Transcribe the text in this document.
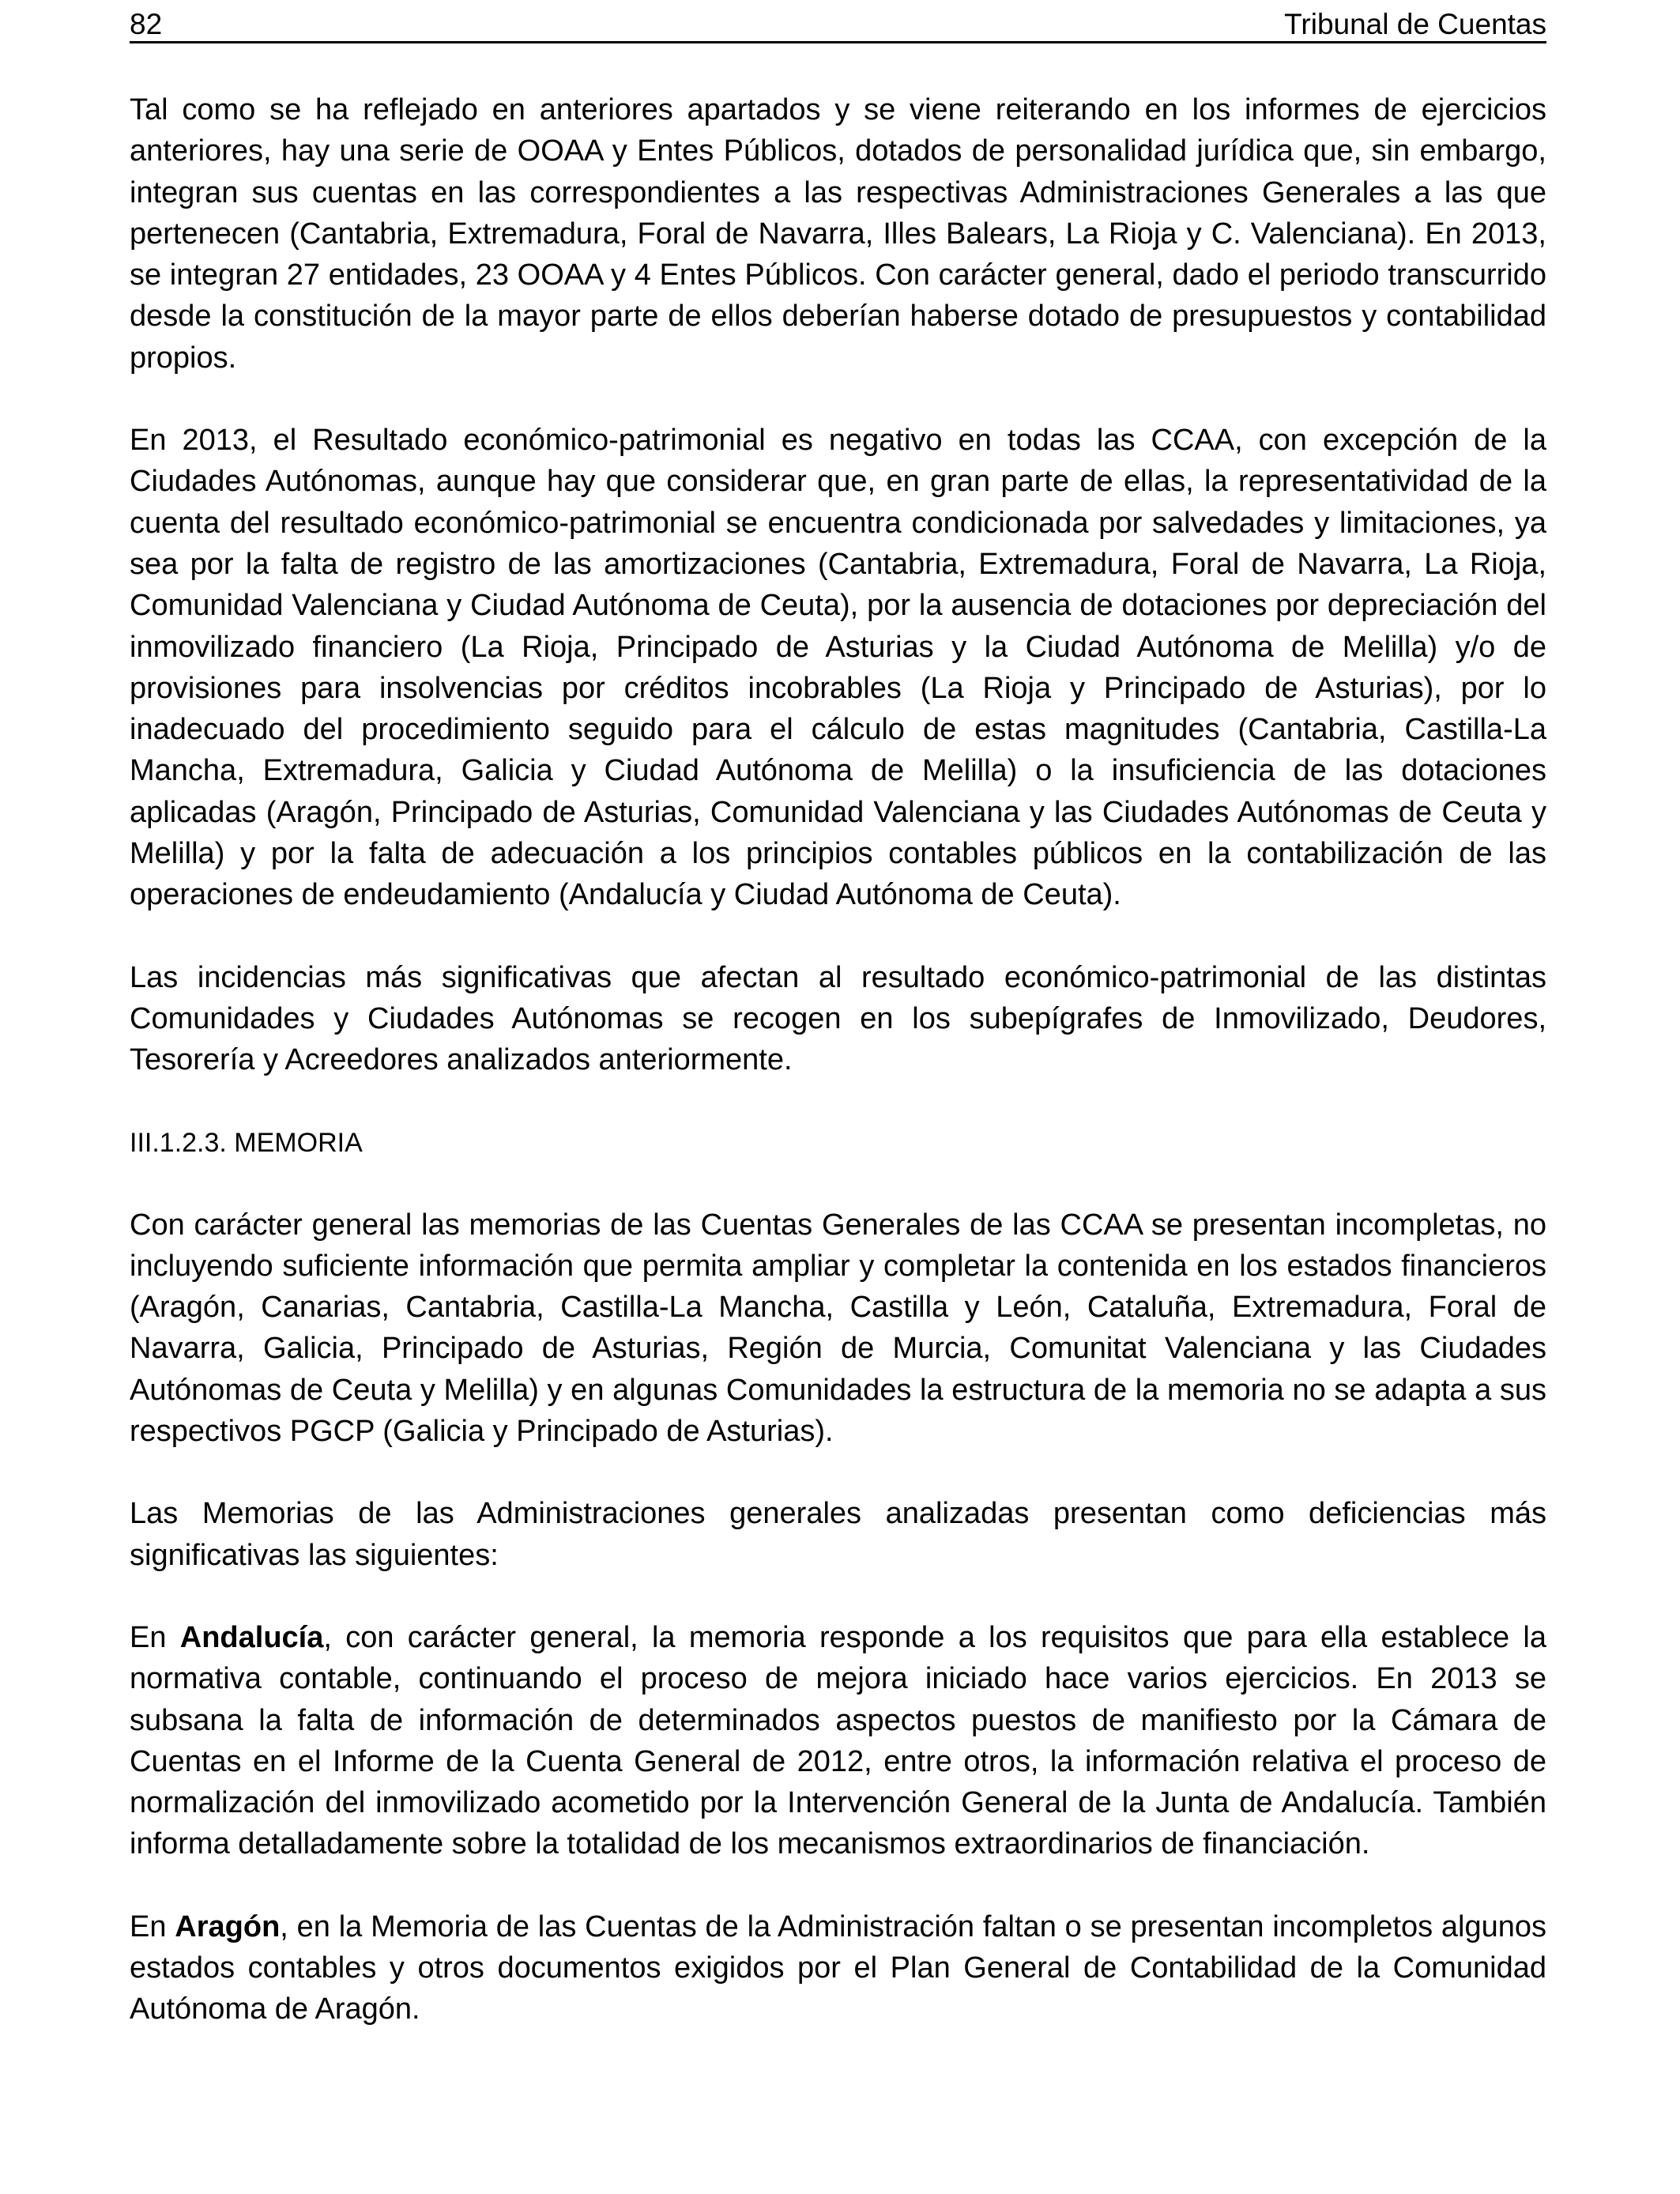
82	Tribunal de Cuentas

Tal como se ha reflejado en anteriores apartados y se viene reiterando en los informes de ejercicios anteriores, hay una serie de OOAA y Entes Públicos, dotados de personalidad jurídica que, sin embargo, integran sus cuentas en las correspondientes a las respectivas Administraciones Generales a las que pertenecen (Cantabria, Extremadura, Foral de Navarra, Illes Balears, La Rioja y C. Valenciana). En 2013, se integran 27 entidades, 23 OOAA y 4 Entes Públicos. Con carácter general, dado el periodo transcurrido desde la constitución de la mayor parte de ellos deberían haberse dotado de presupuestos y contabilidad propios.

En 2013, el Resultado económico-patrimonial es negativo en todas las CCAA, con excepción de la Ciudades Autónomas, aunque hay que considerar que, en gran parte de ellas, la representatividad de la cuenta del resultado económico-patrimonial se encuentra condicionada por salvedades y limitaciones, ya sea por la falta de registro de las amortizaciones (Cantabria, Extremadura, Foral de Navarra, La Rioja, Comunidad Valenciana y Ciudad Autónoma de Ceuta), por la ausencia de dotaciones por depreciación del inmovilizado financiero (La Rioja, Principado de Asturias y la Ciudad Autónoma de Melilla) y/o de provisiones para insolvencias por créditos incobrables (La Rioja y Principado de Asturias), por lo inadecuado del procedimiento seguido para el cálculo de estas magnitudes (Cantabria, Castilla-La Mancha, Extremadura, Galicia y Ciudad Autónoma de Melilla) o la insuficiencia de las dotaciones aplicadas (Aragón, Principado de Asturias, Comunidad Valenciana y las Ciudades Autónomas de Ceuta y Melilla) y por la falta de adecuación a los principios contables públicos en la contabilización de las operaciones de endeudamiento (Andalucía y Ciudad Autónoma de Ceuta).

Las incidencias más significativas que afectan al resultado económico-patrimonial de las distintas Comunidades y Ciudades Autónomas se recogen en los subepígrafes de Inmovilizado, Deudores, Tesorería y Acreedores analizados anteriormente.

III.1.2.3. MEMORIA

Con carácter general las memorias de las Cuentas Generales de las CCAA se presentan incompletas, no incluyendo suficiente información que permita ampliar y completar la contenida en los estados financieros (Aragón, Canarias, Cantabria, Castilla-La Mancha, Castilla y León, Cataluña, Extremadura, Foral de Navarra, Galicia, Principado de Asturias, Región de Murcia, Comunitat Valenciana y las Ciudades Autónomas de Ceuta y Melilla) y en algunas Comunidades la estructura de la memoria no se adapta a sus respectivos PGCP (Galicia y Principado de Asturias).

Las Memorias de las Administraciones generales analizadas presentan como deficiencias más significativas las siguientes:

En Andalucía, con carácter general, la memoria responde a los requisitos que para ella establece la normativa contable, continuando el proceso de mejora iniciado hace varios ejercicios. En 2013 se subsana la falta de información de determinados aspectos puestos de manifiesto por la Cámara de Cuentas en el Informe de la Cuenta General de 2012, entre otros, la información relativa el proceso de normalización del inmovilizado acometido por la Intervención General de la Junta de Andalucía. También informa detalladamente sobre la totalidad de los mecanismos extraordinarios de financiación.

En Aragón, en la Memoria de las Cuentas de la Administración faltan o se presentan incompletos algunos estados contables y otros documentos exigidos por el Plan General de Contabilidad de la Comunidad Autónoma de Aragón.
